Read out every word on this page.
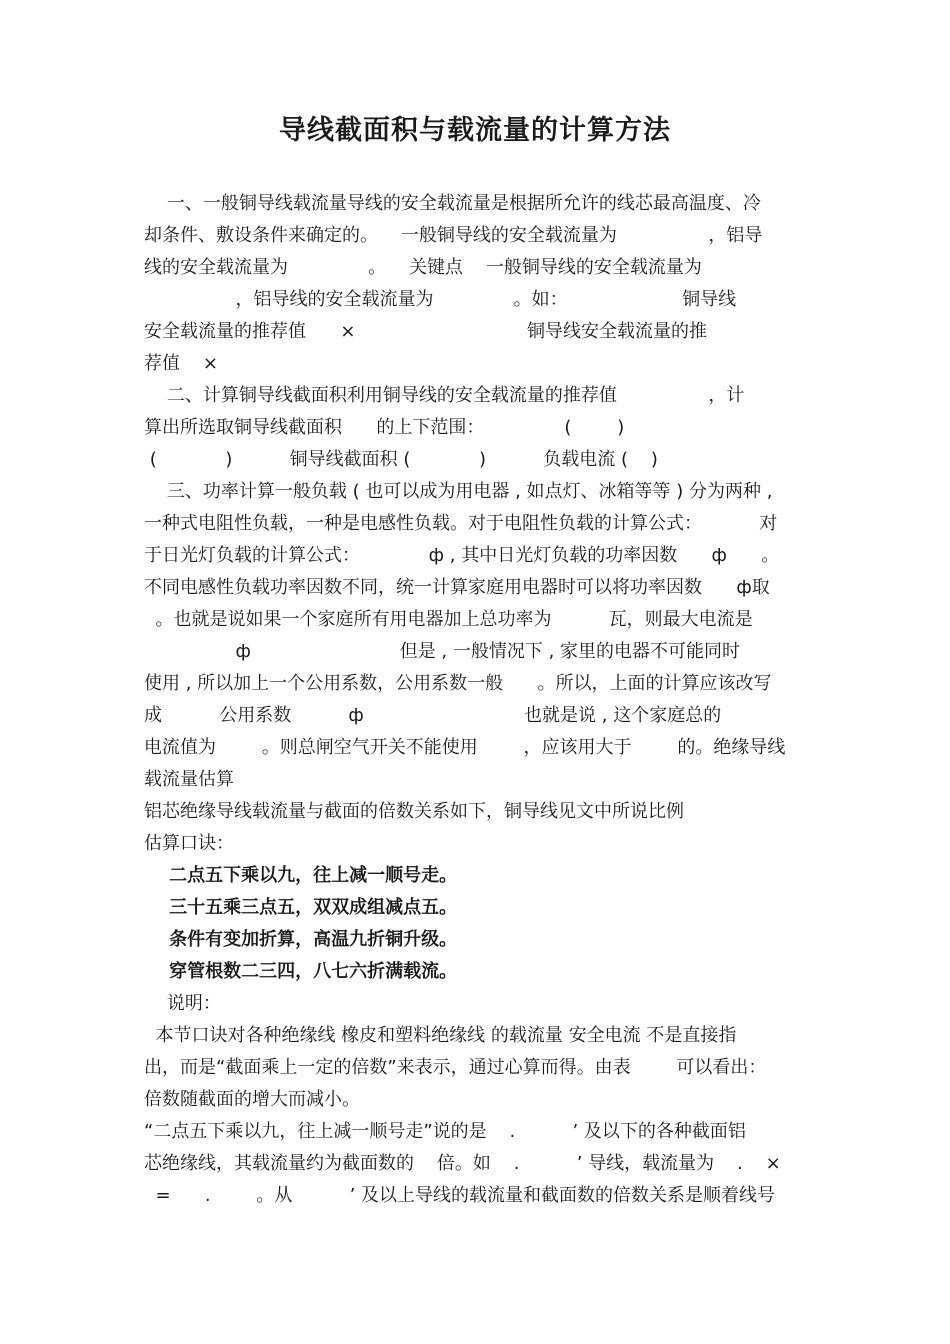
导线截面积与载流量的计算方法
一、一般铜导线载流量导线的安全载流量是根据所允许的线芯最高温度、冷
却条件、敷设条件来确定的。    一般铜导线的安全载流量为                ，铝导
线的安全载流量为              。    关键点    一般铜导线的安全载流量为
，铝导线的安全载流量为              。如：                    铜导线
安全载流量的推荐值      ×                              铜导线安全载流量的推
荐值    ×
二、计算铜导线截面积利用铜导线的安全载流量的推荐值                ，计
算出所选取铜导线截面积      的上下范围：              (        )
(            )          铜导线截面积 (            )          负载电流 (    )
三、功率计算一般负载 ( 也可以成为用电器 , 如点灯、冰箱等等 ) 分为两种 ,
一种式电阻性负载，一种是电感性负载。对于电阻性负载的计算公式：          对
于日光灯负载的计算公式：            ф , 其中日光灯负载的功率因数      ф      。
不同电感性负载功率因数不同，统一计算家庭用电器时可以将功率因数      ф取
。也就是说如果一个家庭所有用电器加上总功率为          瓦，则最大电流是
ф                          但是 , 一般情况下 , 家里的电器不可能同时
使用 , 所以加上一个公用系数，公用系数一般      。所以，上面的计算应该改写
成          公用系数          ф                            也就是说 , 这个家庭总的
电流值为        。则总闸空气开关不能使用        ，应该用大于        的。绝缘导线
载流量估算
铝芯绝缘导线载流量与截面的倍数关系如下，铜导线见文中所说比例
估算口诀：
二点五下乘以九，往上减一顺号走。
三十五乘三点五，双双成组减点五。
条件有变加折算，高温九折铜升级。
穿管根数二三四，八七六折满载流。
说明：
本节口诀对各种绝缘线 橡皮和塑料绝缘线 的载流量 安全电流 不是直接指
出，而是“截面乘上一定的倍数”来表示，通过心算而得。由表        可以看出：
倍数随截面的增大而减小。
“二点五下乘以九，往上减一顺号走”说的是    .          ’ 及以下的各种截面铝
芯绝缘线，其载流量约为截面数的    倍。如    .          ’ 导线，载流量为    .    ×
=      .        。从          ’ 及以上导线的载流量和截面数的倍数关系是顺着线号
